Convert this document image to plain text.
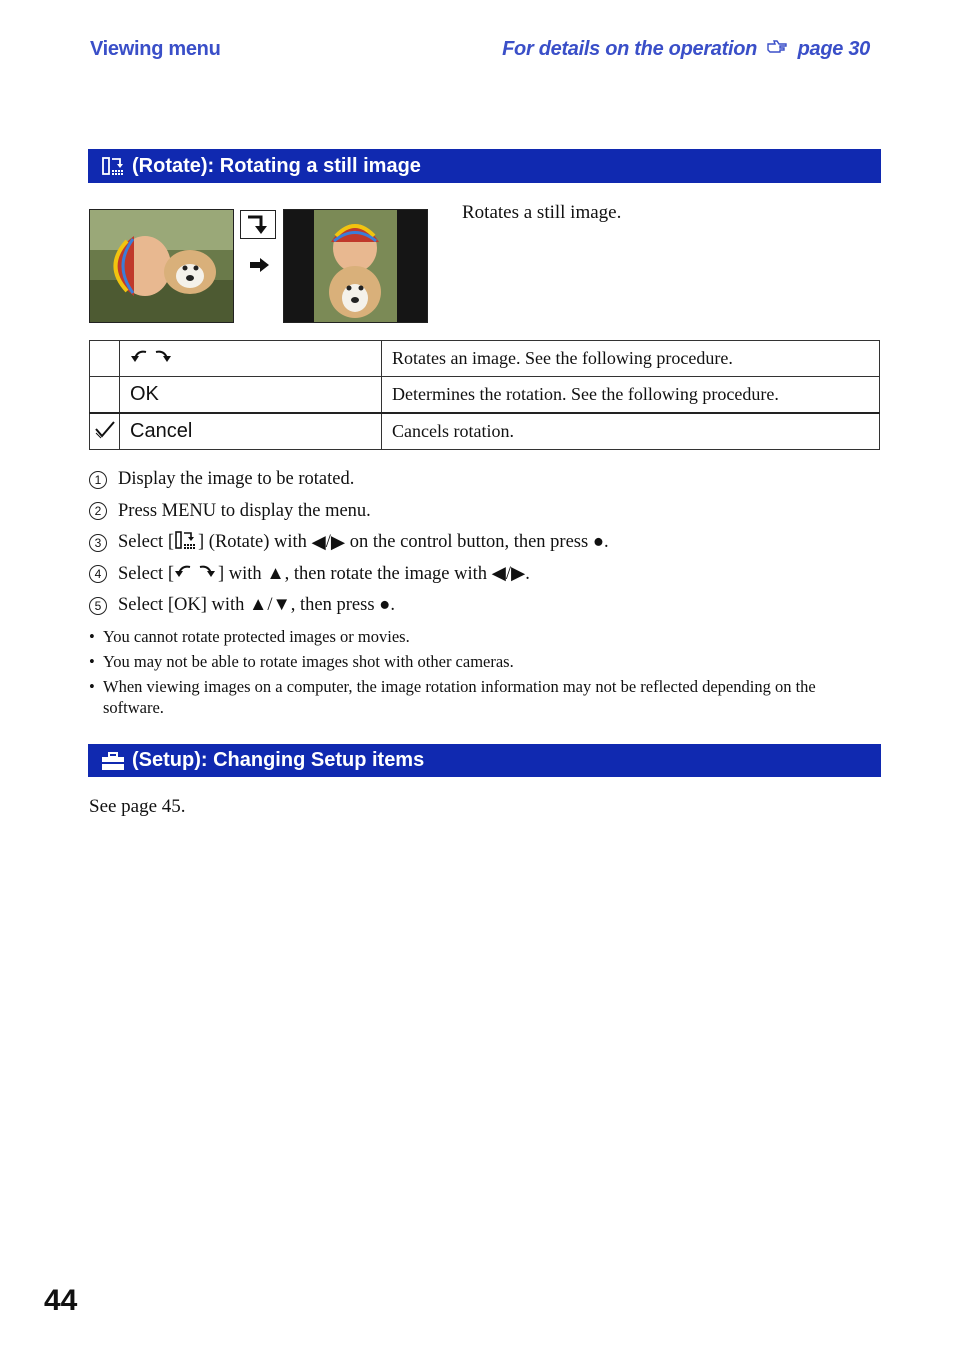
Viewing menu	For details on the operation page 30
(Rotate): Rotating a still image
Rotates a still image.
		Rotates an image. See the following procedure.
	OK	Determines the rotation. See the following procedure.
	Cancel	Cancels rotation.
1 Display the image to be rotated.
2 Press MENU to display the menu.
3 Select [ ] (Rotate) with ◀ / ▶ on the control button, then press ● .
4 Select [ ] with ▲ , then rotate the image with ◀ / ▶ .
5 Select [OK] with ▲ / ▼ , then press ● .
• You cannot rotate protected images or movies.
• You may not be able to rotate images shot with other cameras.
• When viewing images on a computer, the image rotation information may not be reflected depending on the software.
(Setup): Changing Setup items
See page 45.
44
